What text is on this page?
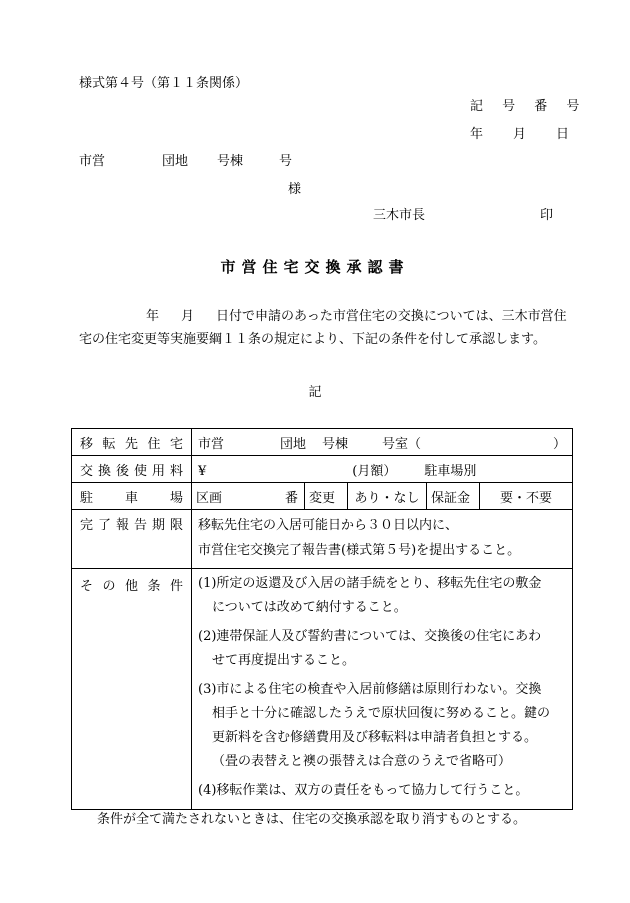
様式第４号（第１１条関係）
記 号 番 号
年 月 日
市営	団地 号棟	号
様
三木市長	印
市営住宅交換承認書
年 月 日付で申請のあった市営住宅の交換については、三木市営住宅の住宅変更等実施要綱１１条の規定により、下記の条件を付して承認します。
記
移転先住宅	市営	団地 号棟	号室（	）

交換後使用料	¥	(月額） 駐車場別
駐車場	区画	番	変更	あり・なし	保証金	要・不要

完了報告期限	移転先住宅の入居可能日から３０日以内に、
市営住宅交換完了報告書(様式第５号)を提出すること。

その他条件	(1)所定の返還及び入居の諸手続をとり、移転先住宅の敷金
については改めて納付すること。
(2)連帯保証人及び誓約書については、交換後の住宅にあわ
せて再度提出すること。
(3)市による住宅の検査や入居前修繕は原則行わない。交換
相手と十分に確認したうえで原状回復に努めること。鍵の
更新料を含む修繕費用及び移転料は申請者負担とする。
（畳の表替えと襖の張替えは合意のうえで省略可）
(4)移転作業は、双方の責任をもって協力して行うこと。
条件が全て満たされないときは、住宅の交換承認を取り消すものとする。
